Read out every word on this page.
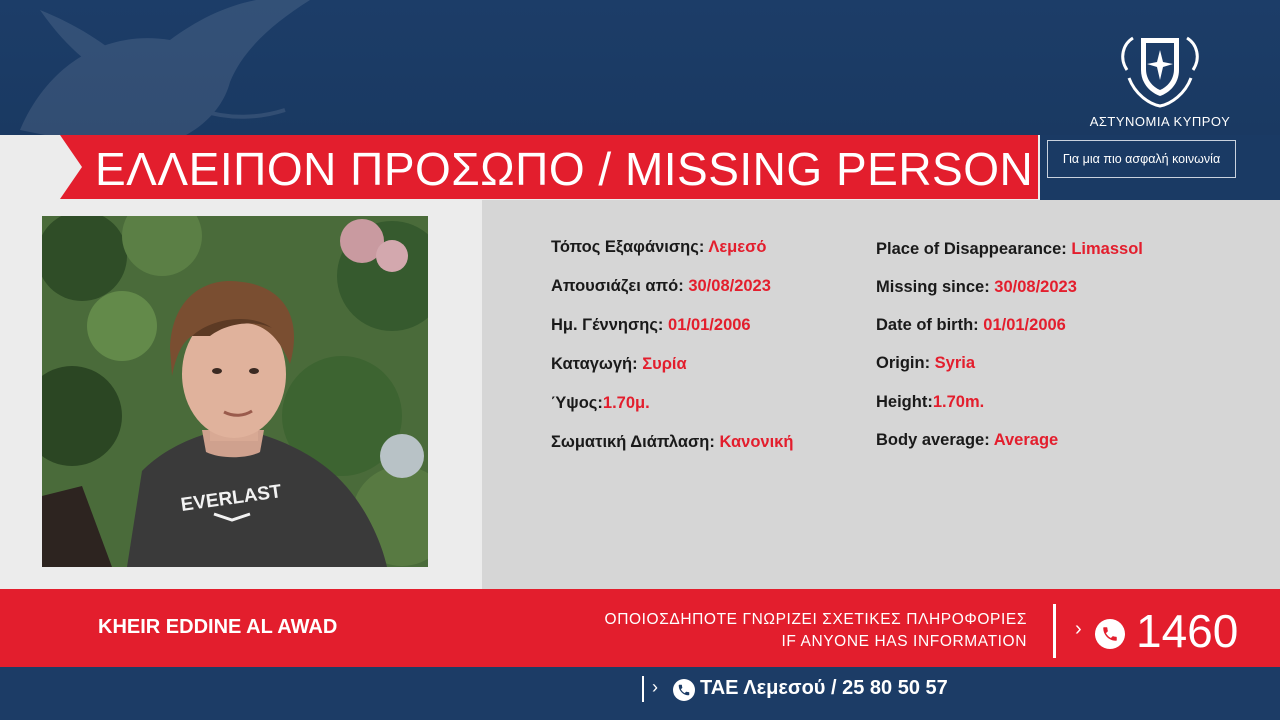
ΑΣΤΥΝΟΜΙΑ ΚΥΠΡΟΥ
Για μια πιο ασφαλή κοινωνία
ΕΛΛΕΙΠΟΝ ΠΡΟΣΩΠΟ / MISSING PERSON
EVERLAST
Τόπος Εξαφάνισης: Λεμεσό
Απουσιάζει από: 30/08/2023
Ημ. Γέννησης: 01/01/2006
Καταγωγή: Συρία
Ύψος:1.70μ.
Σωματική Διάπλαση: Κανονική
Place of Disappearance: Limassol
Missing since: 30/08/2023
Date of birth: 01/01/2006
Origin: Syria
Height:1.70m.
Body average: Average
KHEIR EDDINE AL AWAD	ΟΠΟΙΟΣΔΗΠΟΤΕ ΓΝΩΡΙΖΕΙ ΣΧΕΤΙΚΕΣ ΠΛΗΡΟΦΟΡΙΕΣ
IF ANYONE HAS INFORMATION
› 1460
› ΤΑΕ Λεμεσού / 25 80 50 57
